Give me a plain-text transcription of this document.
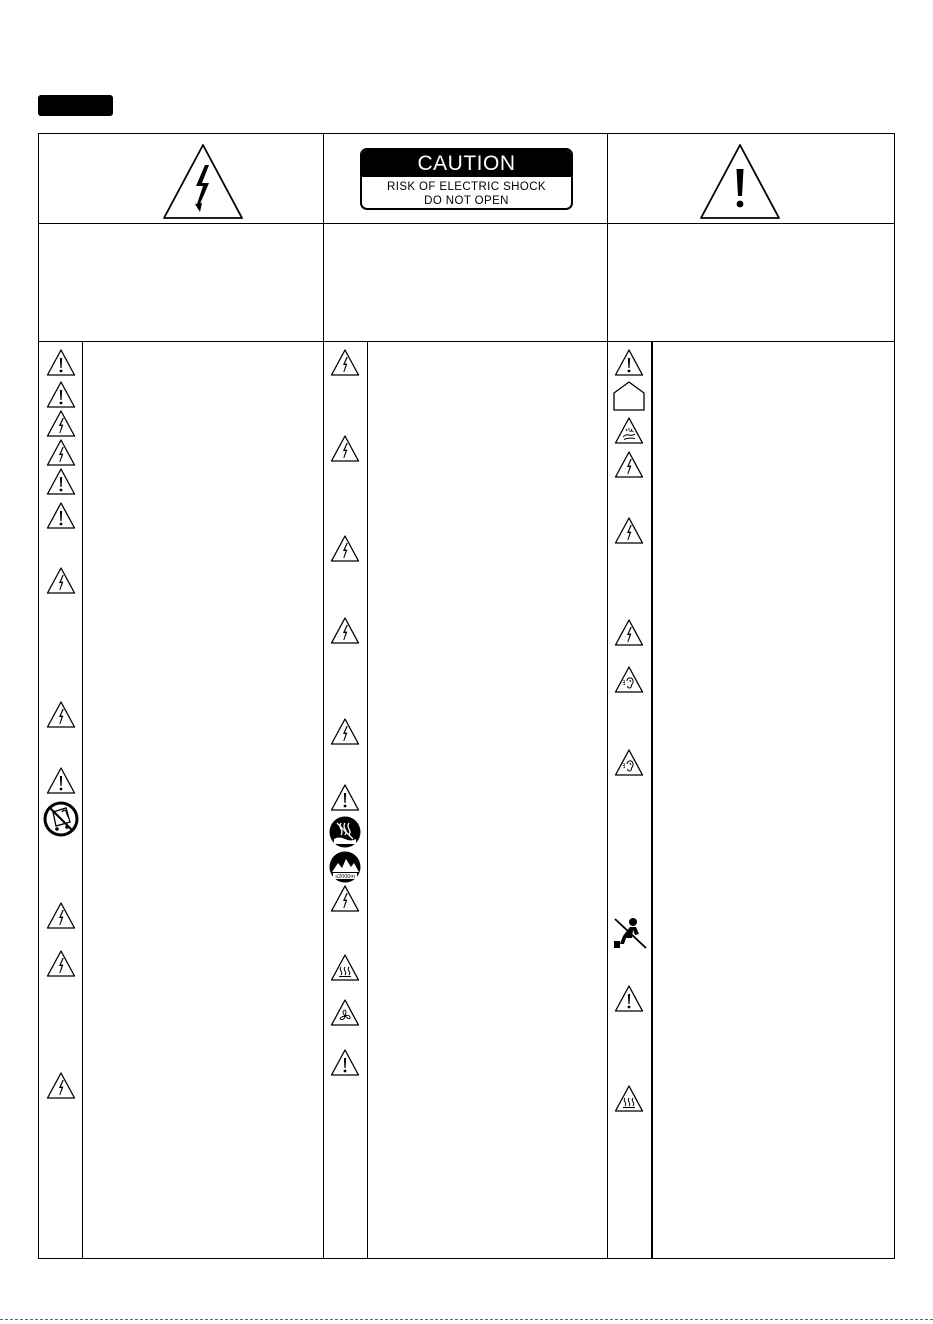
CAUTION
RISK OF ELECTRIC SHOCK
DO NOT OPEN
